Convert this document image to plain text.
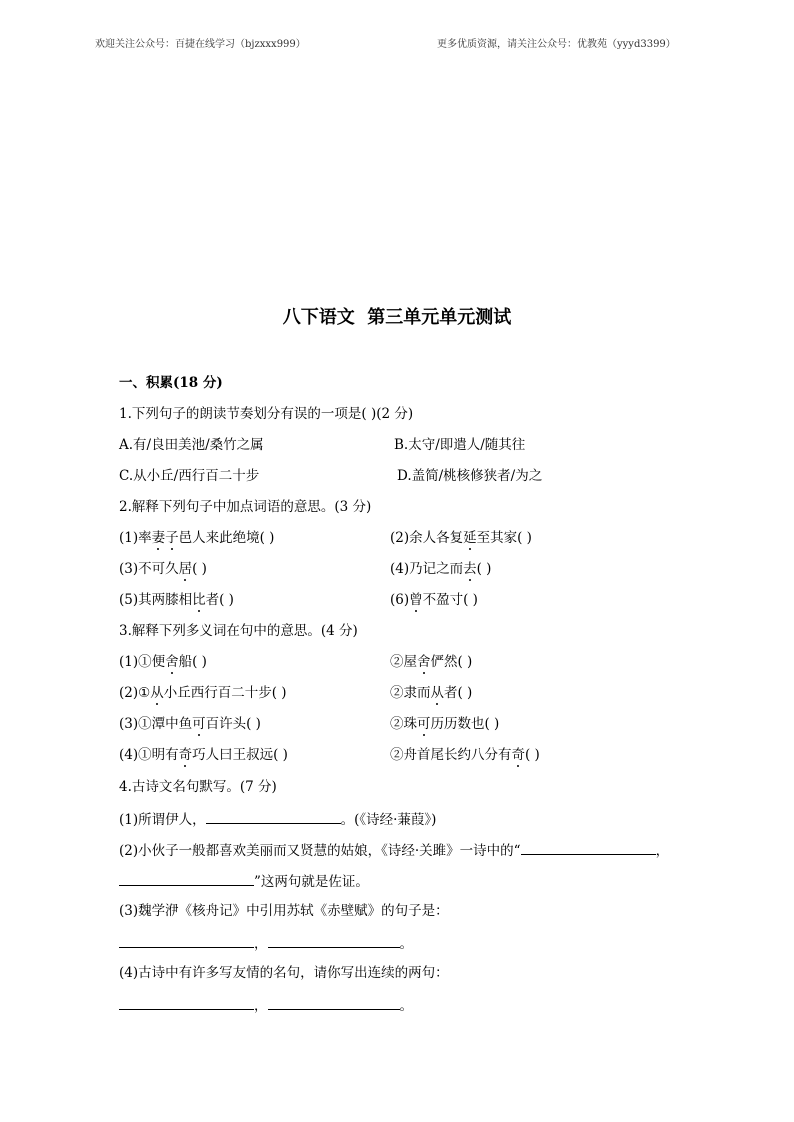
欢迎关注公众号：百捷在线学习（bjzxxx999）	更多优质资源，请关注公众号：优教苑（yyyd3399）
八下语文  第三单元单元测试
一、积累(18 分)
1.下列句子的朗读节奏划分有误的一项是( )(2 分)
A.有/良田美池/桑竹之属	B.太守/即遣人/随其往
C.从小丘/西行百二十步	D.盖简/桃核修狭者/为之
2.解释下列句子中加点词语的意思。(3 分)
(1)率妻子邑人来此绝境( )	(2)余人各复延至其家( )
(3)不可久居( )	(4)乃记之而去( )
(5)其两膝相比者( )	(6)曾不盈寸( )
3.解释下列多义词在句中的意思。(4 分)
(1)①便舍船( )	②屋舍俨然( )
(2)①从小丘西行百二十步( )	②隶而从者( )
(3)①潭中鱼可百许头( )	②珠可历历数也( )
(4)①明有奇巧人曰王叔远( )	②舟首尾长约八分有奇( )
4.古诗文名句默写。(7 分)
(1)所谓伊人，	。(《诗经·蒹葭》)
(2)小伙子一般都喜欢美丽而又贤慧的姑娘，《诗经·关雎》一诗中的“	，
”这两句就是佐证。
(3)魏学洢《核舟记》中引用苏轼《赤壁赋》的句子是：
，	。
(4)古诗中有许多写友情的名句，请你写出连续的两句：
，	。
